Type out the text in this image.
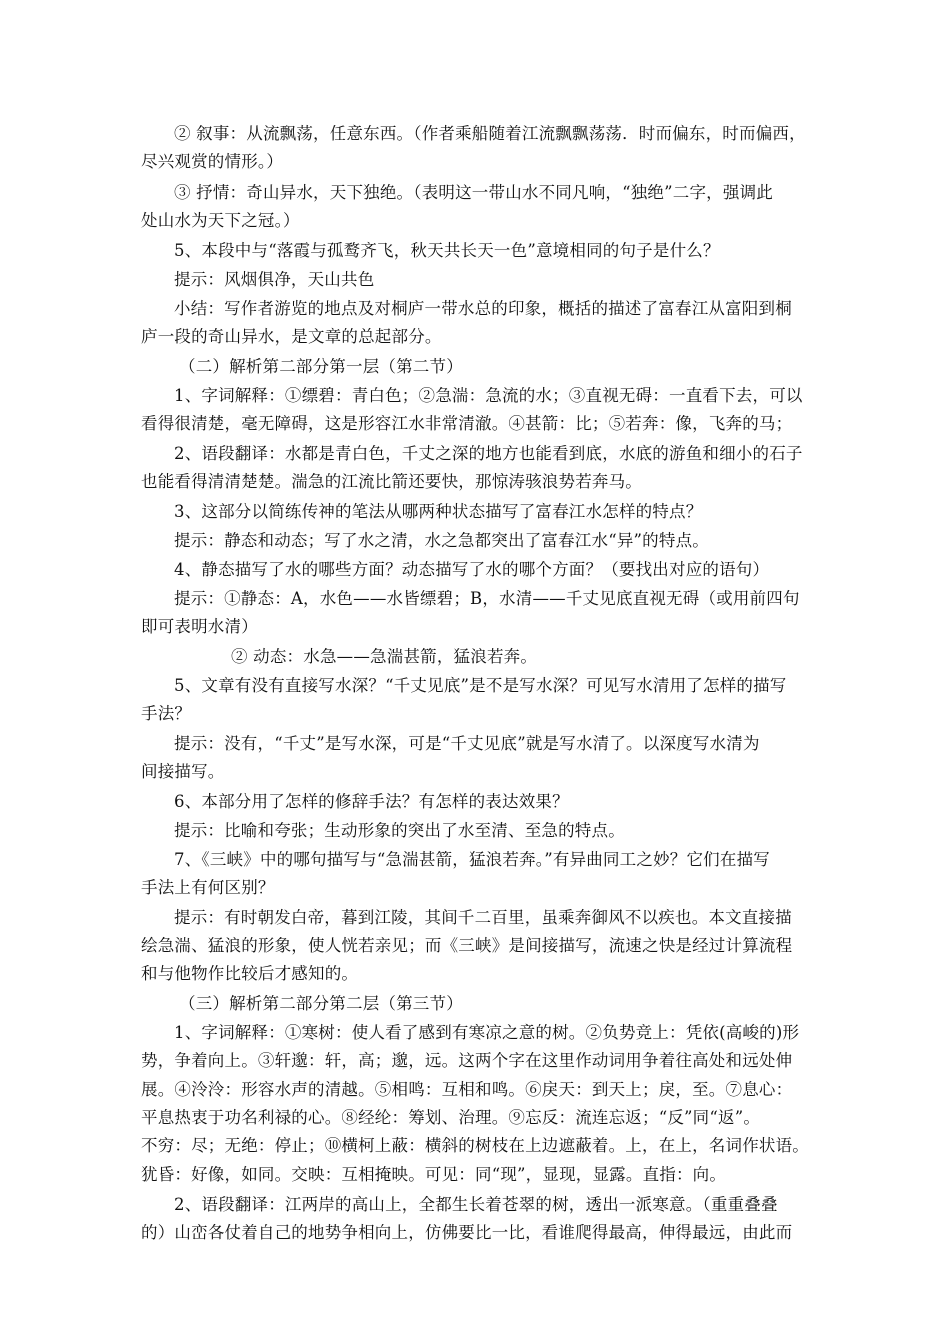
② 叙事：从流飘荡，任意东西。（作者乘船随着江流飘飘荡荡．时而偏东，时而偏西，
尽兴观赏的情形。）
③ 抒情：奇山异水，天下独绝。（表明这一带山水不同凡响，“独绝”二字，强调此
处山水为天下之冠。）
5、本段中与“落霞与孤鹜齐飞，秋天共长天一色”意境相同的句子是什么？
提示：风烟俱净，天山共色
小结：写作者游览的地点及对桐庐一带水总的印象，概括的描述了富春江从富阳到桐
庐一段的奇山异水，是文章的总起部分。
（二）解析第二部分第一层（第二节）
1、字词解释：①缥碧：青白色；②急湍：急流的水；③直视无碍：一直看下去，可以
看得很清楚，毫无障碍，这是形容江水非常清澈。④甚箭：比；⑤若奔：像，飞奔的马；
2、语段翻译：水都是青白色，千丈之深的地方也能看到底，水底的游鱼和细小的石子
也能看得清清楚楚。湍急的江流比箭还要快，那惊涛骇浪势若奔马。
3、这部分以简练传神的笔法从哪两种状态描写了富春江水怎样的特点？
提示：静态和动态；写了水之清，水之急都突出了富春江水“异”的特点。
4、静态描写了水的哪些方面？动态描写了水的哪个方面？（要找出对应的语句）
提示：①静态：A，水色——水皆缥碧；B，水清——千丈见底直视无碍（或用前四句
即可表明水清）
② 动态：水急——急湍甚箭，猛浪若奔。
5、文章有没有直接写水深？“千丈见底”是不是写水深？可见写水清用了怎样的描写
手法？
提示：没有，“千丈”是写水深，可是“千丈见底”就是写水清了。以深度写水清为
间接描写。
6、本部分用了怎样的修辞手法？有怎样的表达效果？
提示：比喻和夸张；生动形象的突出了水至清、至急的特点。
7、《三峡》中的哪句描写与“急湍甚箭，猛浪若奔。”有异曲同工之妙？它们在描写
手法上有何区别？
提示：有时朝发白帝，暮到江陵，其间千二百里，虽乘奔御风不以疾也。本文直接描
绘急湍、猛浪的形象，使人恍若亲见；而《三峡》是间接描写，流速之快是经过计算流程
和与他物作比较后才感知的。
（三）解析第二部分第二层（第三节）
1、字词解释：①寒树：使人看了感到有寒凉之意的树。②负势竞上：凭依(高峻的)形
势，争着向上。③轩邈：轩，高；邈，远。这两个字在这里作动词用争着往高处和远处伸
展。④泠泠：形容水声的清越。⑤相鸣：互相和鸣。⑥戾天：到天上；戾，至。⑦息心：
平息热衷于功名利禄的心。⑧经纶：筹划、治理。⑨忘反：流连忘返；“反”同“返”。
不穷：尽；无绝：停止；⑩横柯上蔽：横斜的树枝在上边遮蔽着。上，在上，名词作状语。
犹昏：好像，如同。交映：互相掩映。可见：同“现”，显现，显露。直指：向。
2、语段翻译：江两岸的高山上，全都生长着苍翠的树，透出一派寒意。（重重叠叠
的）山峦各仗着自己的地势争相向上，仿佛要比一比，看谁爬得最高，伸得最远，由此而
